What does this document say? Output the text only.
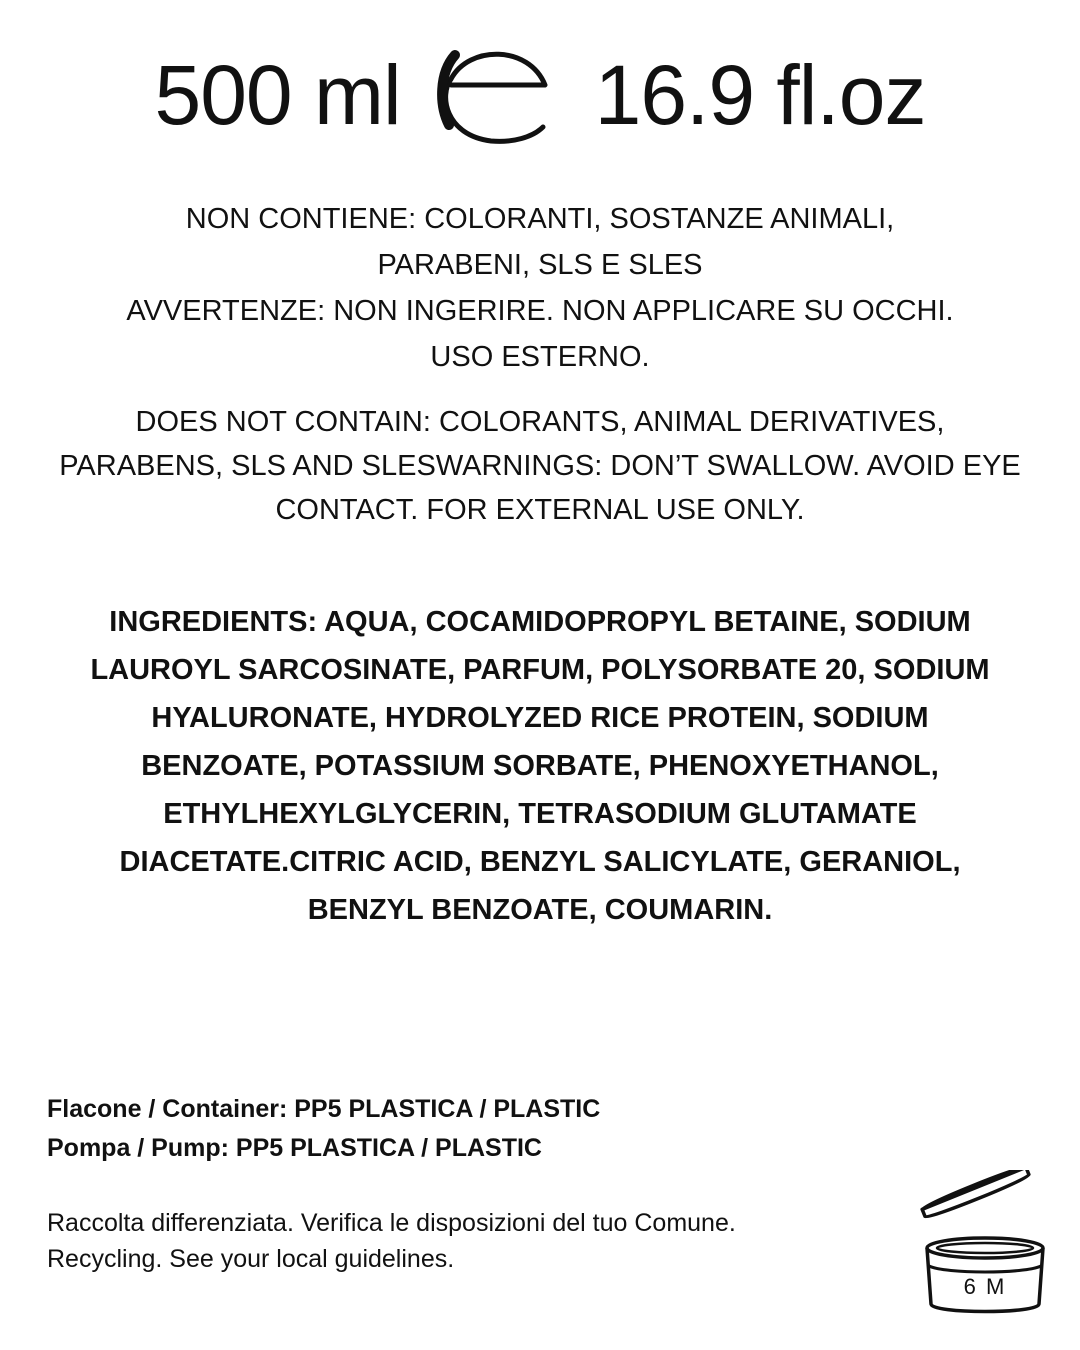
500 ml 16.9 fl.oz
NON CONTIENE: COLORANTI, SOSTANZE ANIMALI,
PARABENI, SLS E SLES
AVVERTENZE: NON INGERIRE. NON APPLICARE SU OCCHI.
USO ESTERNO.
DOES NOT CONTAIN: COLORANTS, ANIMAL DERIVATIVES,
PARABENS, SLS AND SLESWARNINGS: DON’T SWALLOW. AVOID EYE
CONTACT. FOR EXTERNAL USE ONLY.
INGREDIENTS: AQUA, COCAMIDOPROPYL BETAINE, SODIUM
LAUROYL SARCOSINATE, PARFUM, POLYSORBATE 20, SODIUM
HYALURONATE, HYDROLYZED RICE PROTEIN, SODIUM
BENZOATE, POTASSIUM SORBATE, PHENOXYETHANOL,
ETHYLHEXYLGLYCERIN, TETRASODIUM GLUTAMATE
DIACETATE.CITRIC ACID, BENZYL SALICYLATE, GERANIOL,
BENZYL BENZOATE, COUMARIN.
Flacone / Container: PP5 PLASTICA / PLASTIC
Pompa / Pump: PP5 PLASTICA / PLASTIC
Raccolta differenziata. Verifica le disposizioni del tuo Comune.
Recycling. See your local guidelines.
6 M
